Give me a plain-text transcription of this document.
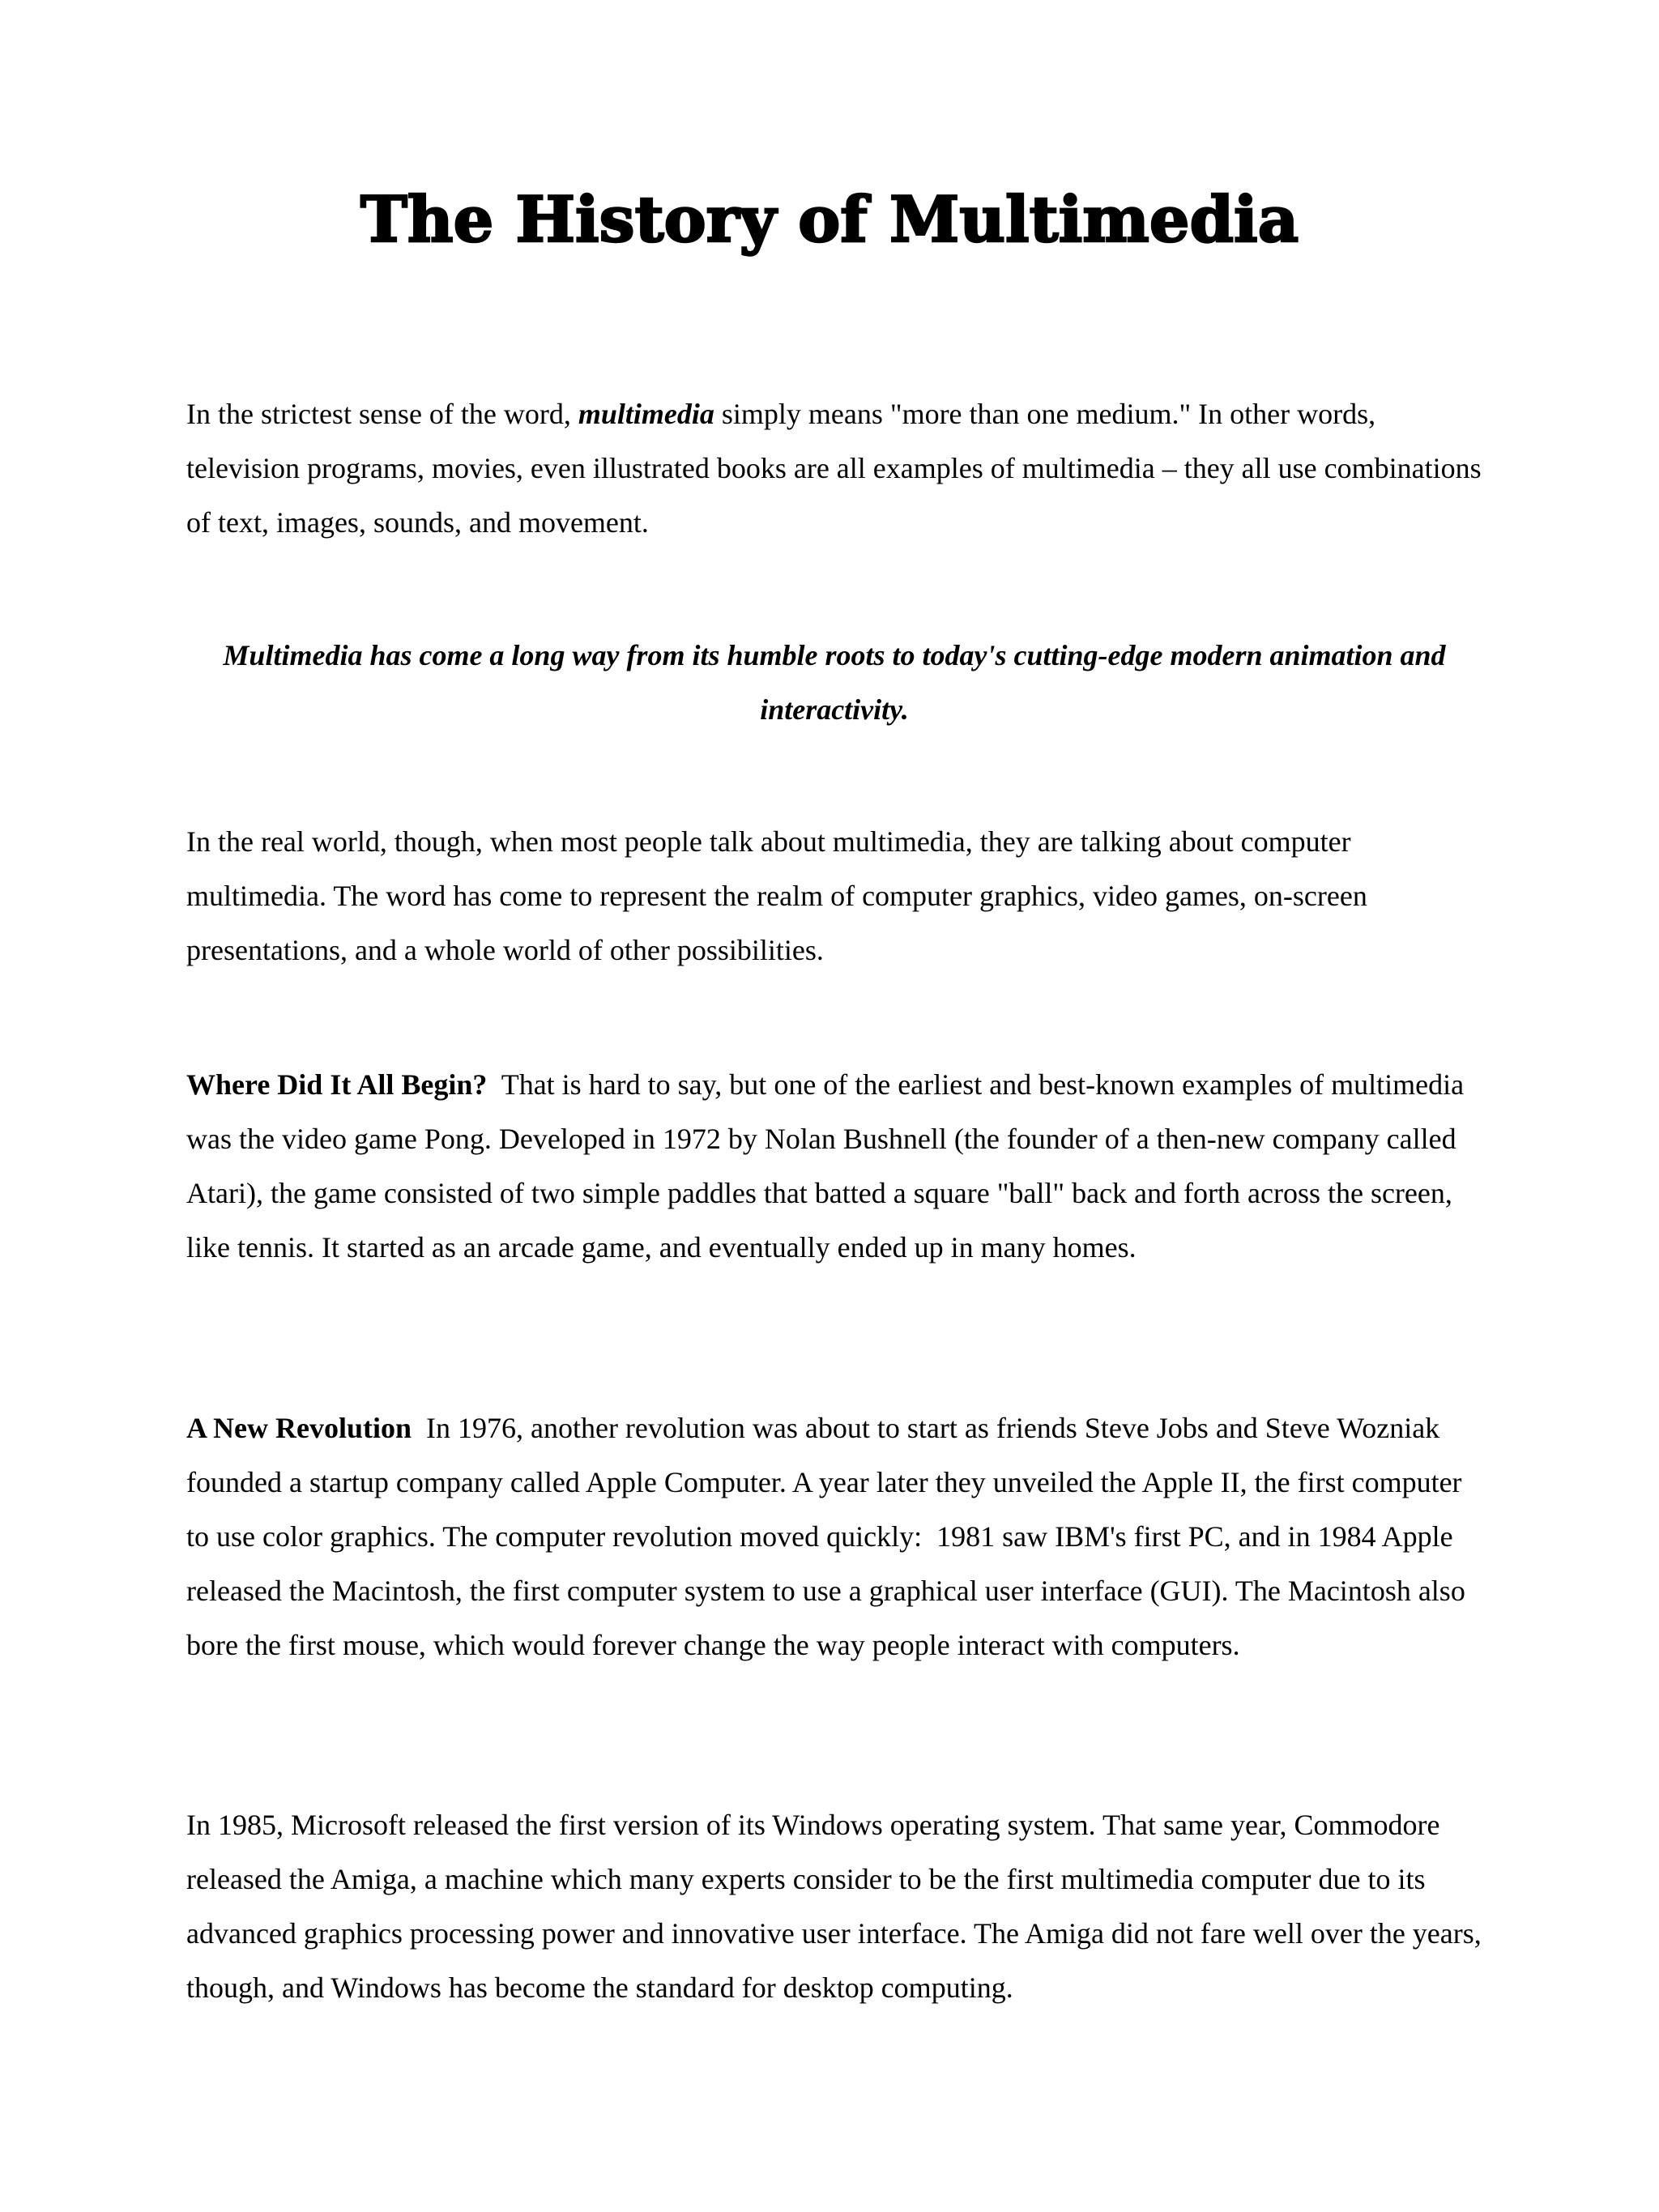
The History of Multimedia

In the strictest sense of the word, multimedia simply means "more than one medium." In other words, television programs, movies, even illustrated books are all examples of multimedia – they all use combinations of text, images, sounds, and movement.

Multimedia has come a long way from its humble roots to today's cutting-edge modern animation and interactivity.

In the real world, though, when most people talk about multimedia, they are talking about computer multimedia. The word has come to represent the realm of computer graphics, video games, on-screen presentations, and a whole world of other possibilities.

Where Did It All Begin?  That is hard to say, but one of the earliest and best-known examples of multimedia was the video game Pong. Developed in 1972 by Nolan Bushnell (the founder of a then-new company called Atari), the game consisted of two simple paddles that batted a square "ball" back and forth across the screen, like tennis. It started as an arcade game, and eventually ended up in many homes.

A New Revolution  In 1976, another revolution was about to start as friends Steve Jobs and Steve Wozniak founded a startup company called Apple Computer. A year later they unveiled the Apple II, the first computer to use color graphics. The computer revolution moved quickly:  1981 saw IBM's first PC, and in 1984 Apple released the Macintosh, the first computer system to use a graphical user interface (GUI). The Macintosh also bore the first mouse, which would forever change the way people interact with computers.

In 1985, Microsoft released the first version of its Windows operating system. That same year, Commodore released the Amiga, a machine which many experts consider to be the first multimedia computer due to its advanced graphics processing power and innovative user interface. The Amiga did not fare well over the years, though, and Windows has become the standard for desktop computing.
